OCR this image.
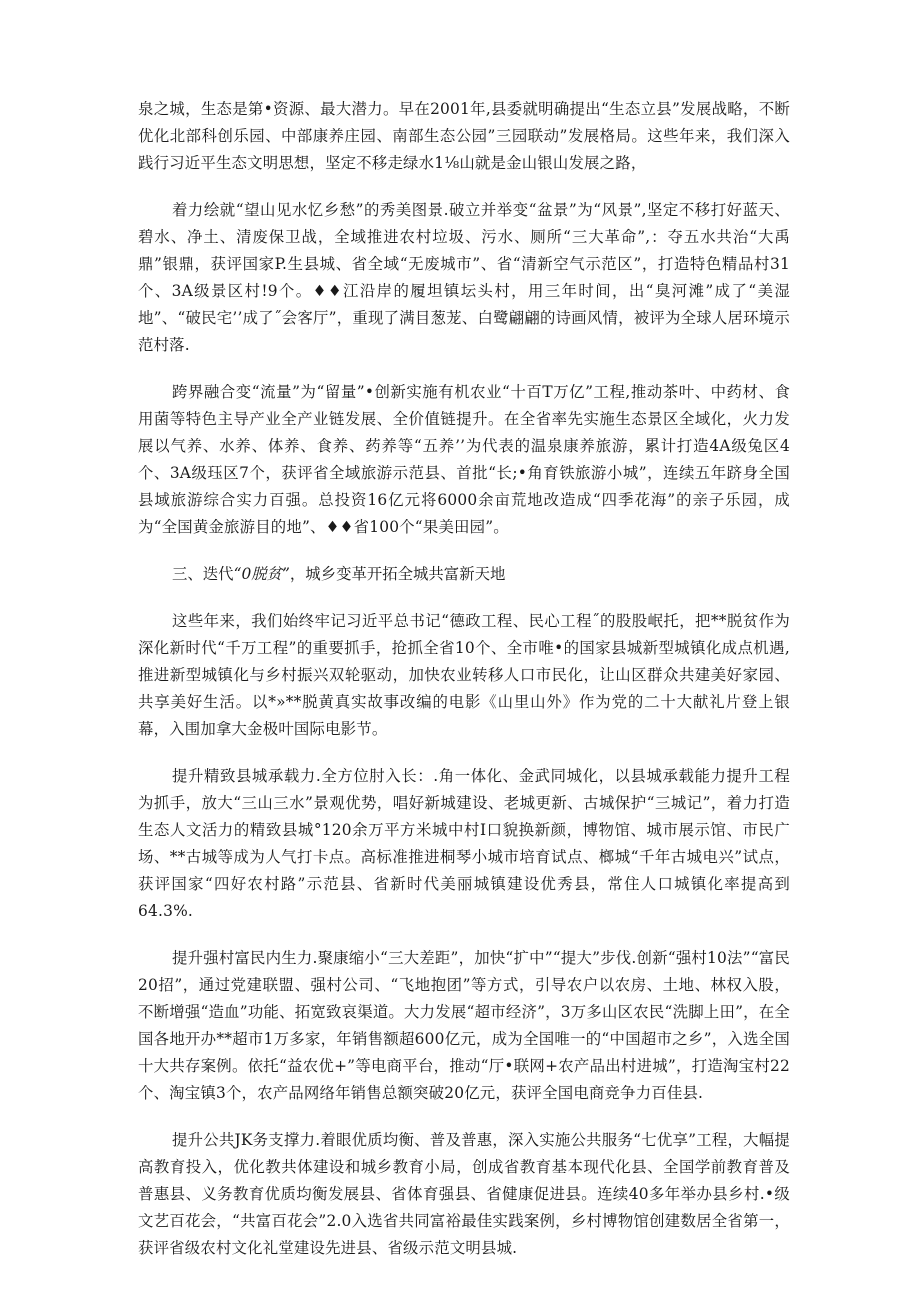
泉之城，生态是第•资源、最大潜力。早在2001年,县委就明确提出“生态立县”发展战略，不断优化北部科创乐园、中部康养庄园、南部生态公园”三园联动”发展格局。这些年来，我们深入践行习近平生态文明思想，坚定不移走绿水1⅛山就是金山银山发展之路，

着力绘就“望山见水忆乡愁”的秀美图景.破立并举变“盆景”为“风景”,坚定不移打好蓝天、碧水、净土、清废保卫战，全域推进农村垃圾、污水、厕所“三大革命”,：夺五水共治“大禹鼎”银鼎，获评国家P.生县城、省全域“无废城市”、省“清新空气示范区”，打造特色精品村31个、3A级景区村!9个。♦♦江沿岸的履坦镇坛头村，用三年时间，出“臭河滩”成了“美湿地”、“破民宅’’成了˝会客厅”，重现了满目葱茏、白鹭翩翩的诗画风情，被评为全球人居环境示范村落.

跨界融合变“流量”为“留量”•创新实施有机农业“十百T万亿”工程,推动茶叶、中药材、食用菌等特色主导产业全产业链发展、全价值链提升。在全省率先实施生态景区全域化，火力发展以气养、水养、体养、食养、药养等“五养’’为代表的温泉康养旅游，累计打造4A级兔区4个、3A级珏区7个，获评省全域旅游示范县、首批“长;•角育铁旅游小城”，连续五年跻身全国县域旅游综合实力百强。总投资16亿元将6000余亩荒地改造成“四季花海”的亲子乐园，成为“全国黄金旅游目的地”、♦♦省100个“果美田园”。

三、迭代“0脱贫”，城乡变革开拓全城共富新天地

这些年来，我们始终牢记习近平总书记“德政工程、民心工程˝的股股岷托，把**脱贫作为深化新时代“千万工程”的重要抓手，抢抓全省10个、全市唯•的国家县城新型城镇化成点机遇,推进新型城镇化与乡村振兴双轮驱动，加快农业转移人口市民化，让山区群众共建美好家园、共享美好生活。以*»**脱黄真实故事改编的电影《山里山外》作为党的二十大献礼片登上银幕，入围加拿大金极叶国际电影节。

提升精致县城承载力.全方位肘入长：.角一体化、金武同城化，以县城承载能力提升工程为抓手，放大“三山三水”景观优势，唱好新城建设、老城更新、古城保护“三城记”，着力打造生态人文活力的精致县城°120余万平方米城中村I口貌换新颜，博物馆、城市展示馆、市民广场、**古城等成为人气打卡点。高标准推进桐琴小城市培育试点、榔城“千年古城电兴”试点，获评国家“四好农村路”示范县、省新时代美丽城镇建设优秀县，常住人口城镇化率提高到64.3%.

提升强村富民内生力.聚康缩小“三大差距”，加快“扩中”“提大”步伐.创新“强村10法”“富民20招”，通过党建联盟、强村公司、“飞地抱团”等方式，引导农户以农房、土地、林权入股，不断增强“造血”功能、拓宽致哀渠道。大力发展“超市经济”，3万多山区农民“洗脚上田”，在全国各地开办**超市1万多家，年销售额超600亿元，成为全国唯一的“中国超市之乡”，入选全国十大共存案例。依托“益农优+”等电商平台，推动“厅•联网+农产品出村进城”，打造淘宝村22个、淘宝镇3个，农产品网络年销售总额突破20亿元，获评全国电商竞争力百佳县.

提升公共JK务支撑力.着眼优质均衡、普及普惠，深入实施公共服务“七优享”工程，大幅提高教育投入，优化教共体建设和城乡教育小局，创成省教育基本现代化县、全国学前教育普及普惠县、义务教育优质均衡发展县、省体育强县、省健康促进县。连续40多年举办县乡村.•级文艺百花会，“共富百花会”2.0入选省共同富裕最佳实践案例，乡村博物馆创建数居全省第一，获评省级农村文化礼堂建设先进县、省级示范文明县城.
